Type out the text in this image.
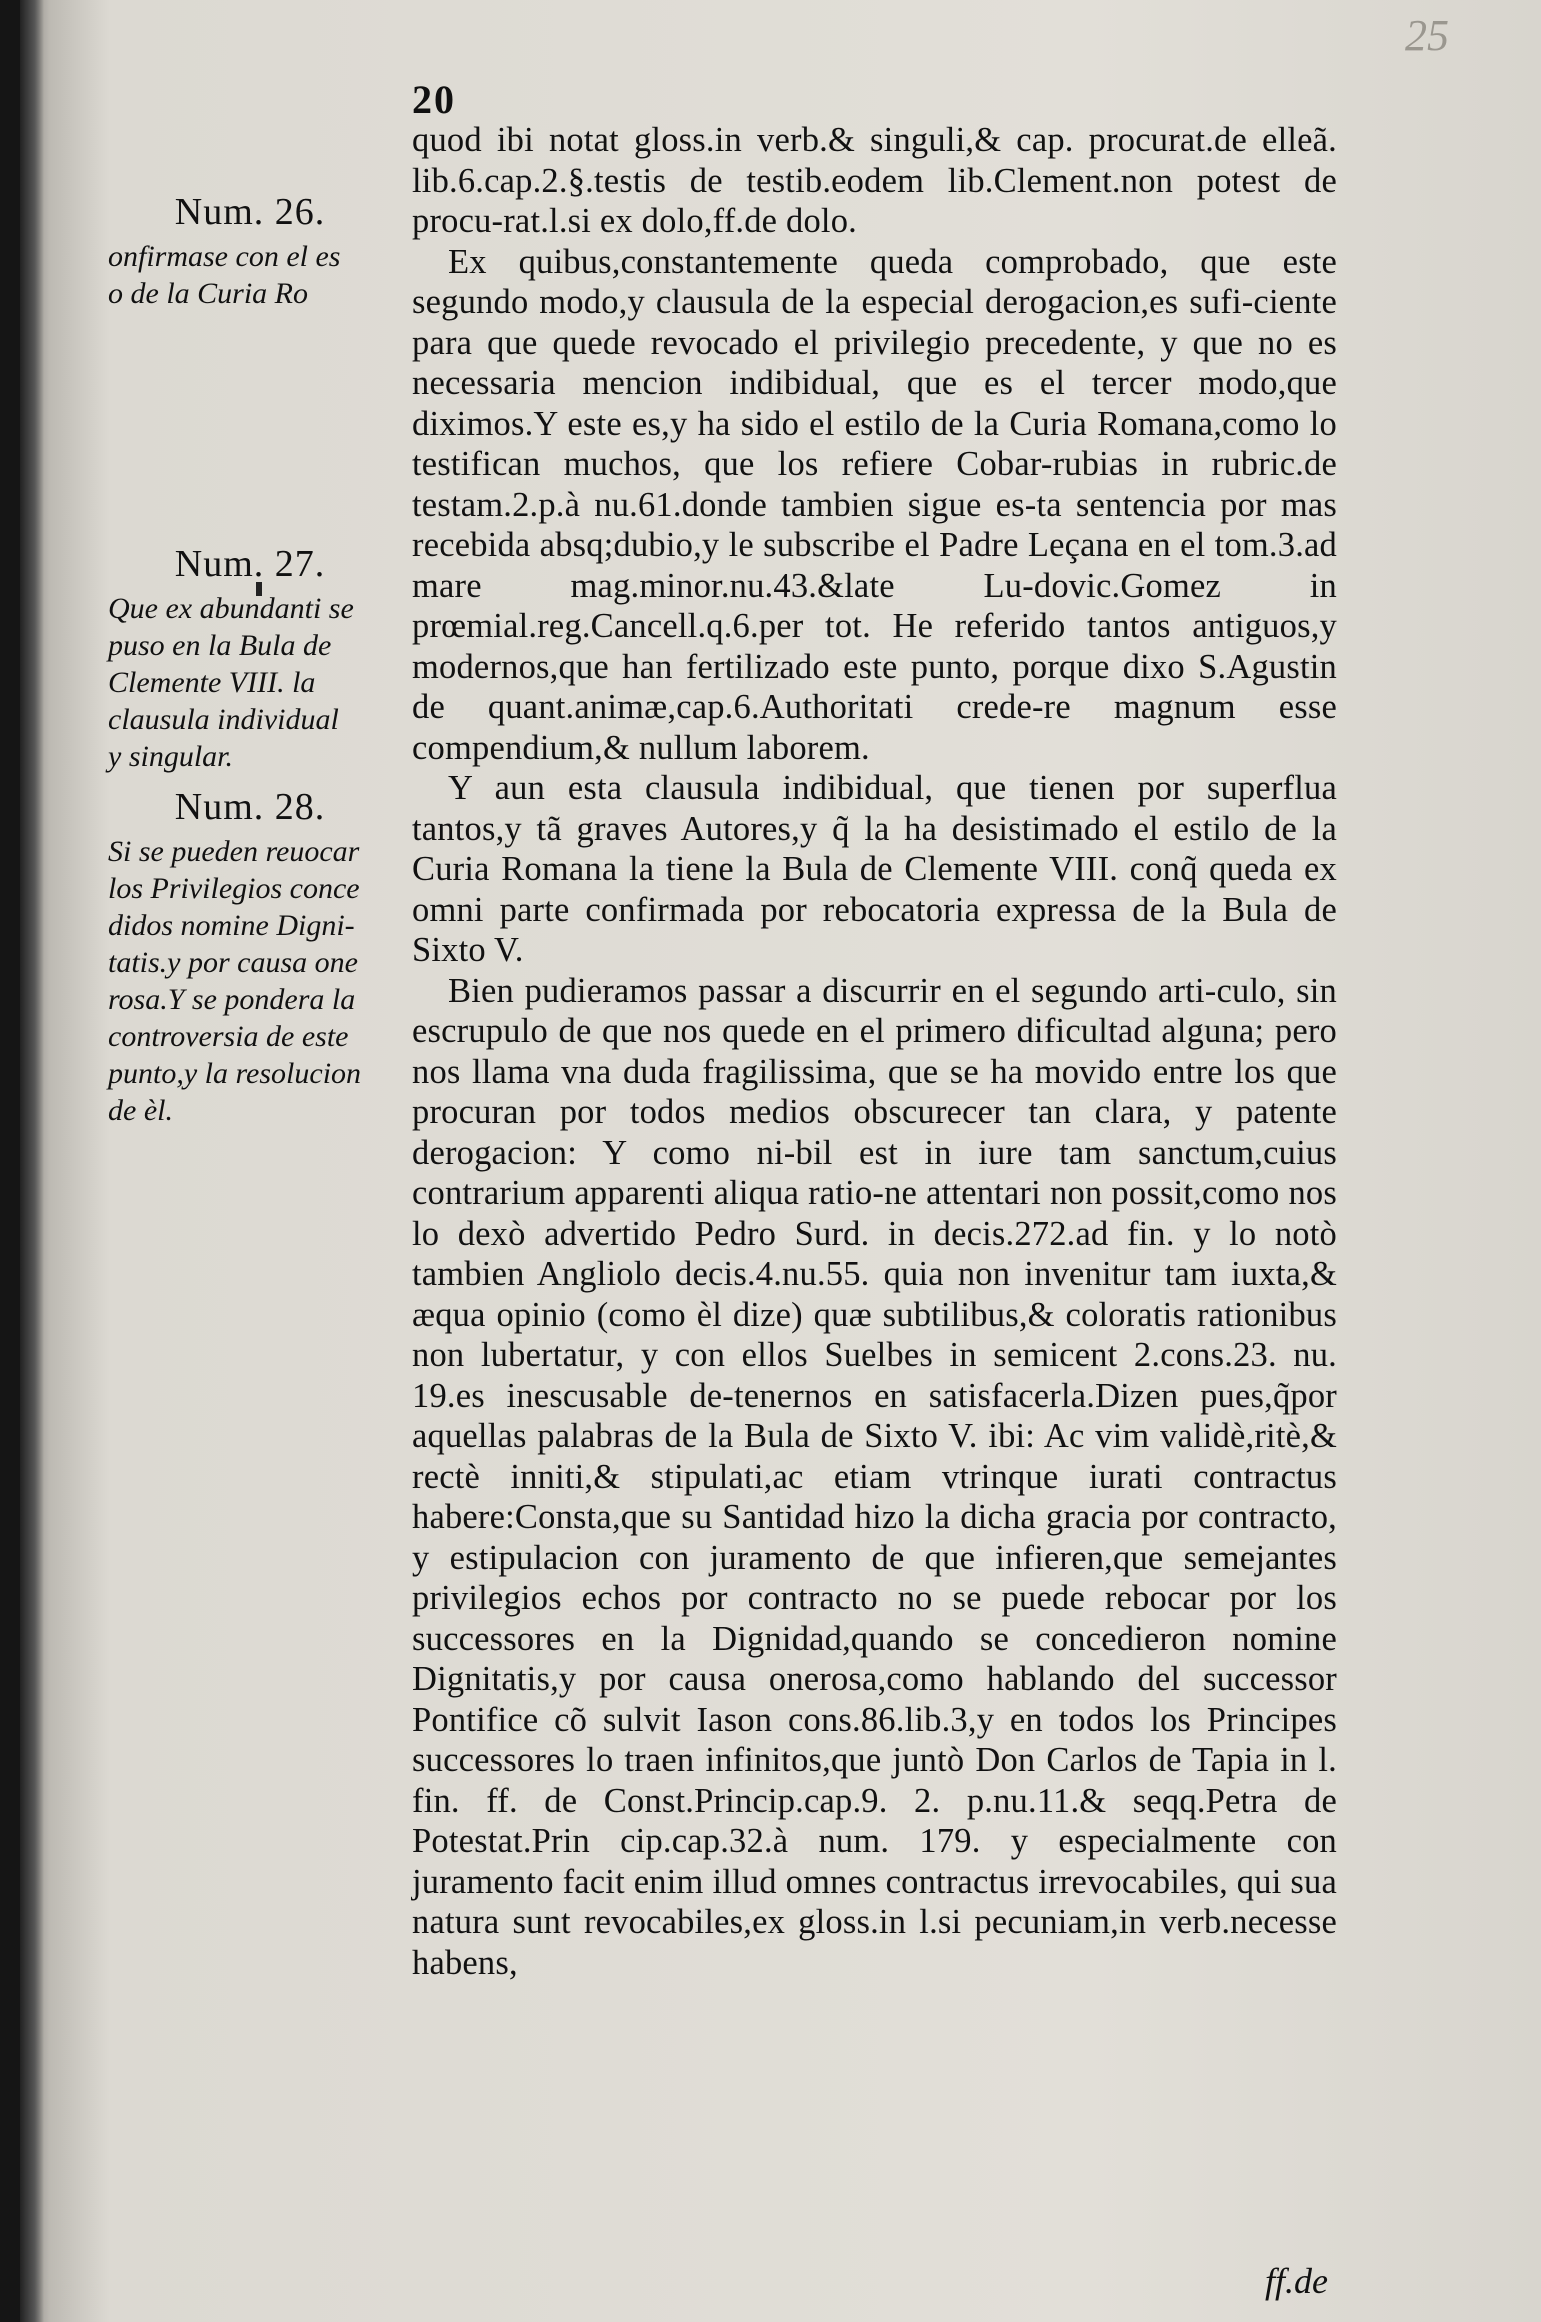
20
25
Num. 26.
onfirmase con el es
o de la Curia Ro
Num. 27.
Que ex abundanti se
puso en la Bula de
Clemente VIII. la
clausula individual
y singular.
Num. 28.
Si se pueden reuocar
los Privilegios conce
didos nomine Digni-
tatis.y por causa one
rosa.Y se pondera la
controversia de este
punto,y la resolucion
de èl.

quod ibi notat gloss.in verb.& singuli,& cap. procurat.de elleã. lib.6.cap.2.§.testis de testib.eodem lib.Clement.non potest de procu-rat.l.si ex dolo,ff.de dolo.

Ex quibus,constantemente queda comprobado, que este segundo modo,y clausula de la especial derogacion,es sufi-ciente para que quede revocado el privilegio precedente, y que no es necessaria mencion indibidual, que es el tercer modo,que diximos.Y este es,y ha sido el estilo de la Curia Romana,como lo testifican muchos, que los refiere Cobar-rubias in rubric.de testam.2.p.à nu.61.donde tambien sigue es-ta sentencia por mas recebida absq;dubio,y le subscribe el Padre Leçana en el tom.3.ad mare mag.minor.nu.43.&late Lu-dovic.Gomez in prœmial.reg.Cancell.q.6.per tot. He referido tantos antiguos,y modernos,que han fertilizado este punto, porque dixo S.Agustin de quant.animæ,cap.6.Authoritati crede-re magnum esse compendium,& nullum laborem.

Y aun esta clausula indibidual, que tienen por superflua tantos,y tã graves Autores,y q̃ la ha desistimado el estilo de la Curia Romana la tiene la Bula de Clemente VIII. conq̃ queda ex omni parte confirmada por rebocatoria expressa de la Bula de Sixto V.

Bien pudieramos passar a discurrir en el segundo arti-culo, sin escrupulo de que nos quede en el primero dificultad alguna; pero nos llama vna duda fragilissima, que se ha movido entre los que procuran por todos medios obscurecer tan clara, y patente derogacion: Y como ni-bil est in iure tam sanctum,cuius contrarium apparenti aliqua ratio-ne attentari non possit,como nos lo dexò advertido Pedro Surd. in decis.272.ad fin. y lo notò tambien Angliolo decis.4.nu.55. quia non invenitur tam iuxta,& æqua opinio (como èl dize) quæ subtilibus,& coloratis rationibus non lubertatur, y con ellos Suelbes in semicent 2.cons.23. nu. 19.es inescusable de-tenernos en satisfacerla.Dizen pues,q̃por aquellas palabras de la Bula de Sixto V. ibi: Ac vim validè,ritè,& rectè inniti,& stipulati,ac etiam vtrinque iurati contractus habere:Consta,que su Santidad hizo la dicha gracia por contracto, y estipulacion con juramento de que infieren,que semejantes privilegios echos por contracto no se puede rebocar por los successores en la Dignidad,quando se concedieron nomine Dignitatis,y por causa onerosa,como hablando del successor Pontifice cõ sulvit Iason cons.86.lib.3,y en todos los Principes successores lo traen infinitos,que juntò Don Carlos de Tapia in l. fin. ff. de Const.Princip.cap.9. 2. p.nu.11.& seqq.Petra de Potestat.Prin cip.cap.32.à num. 179. y especialmente con juramento facit enim illud omnes contractus irrevocabiles, qui sua natura sunt revocabiles,ex gloss.in l.si pecuniam,in verb.necesse habens,

ff.de
